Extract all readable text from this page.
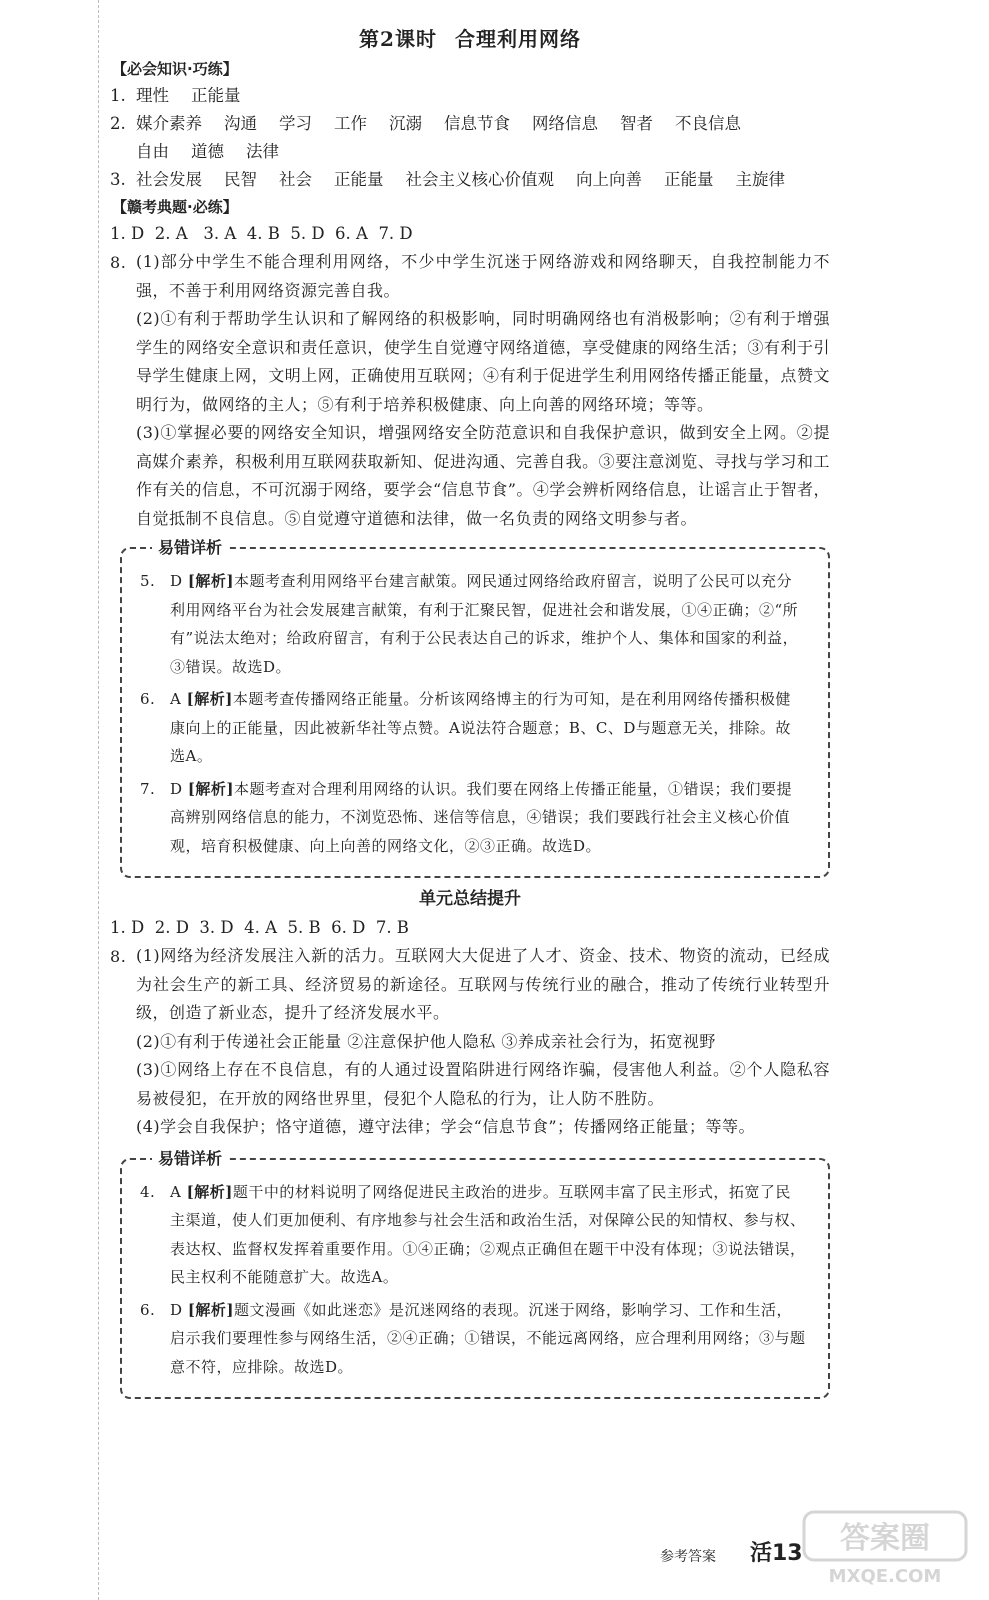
第2课时 合理利用网络
【必会知识·巧练】
1. 理性 正能量
2. 媒介素养 沟通 学习 工作 沉溺 信息节食 网络信息 智者 不良信息
自由 道德 法律
3. 社会发展 民智 社会 正能量 社会主义核心价值观 向上向善 正能量 主旋律
【赣考典题·必练】
1. D  2. A   3. A  4. B  5. D  6. A  7. D
8. (1)部分中学生不能合理利用网络，不少中学生沉迷于网络游戏和网络聊天，自我控制能力不强，不善于利用网络资源完善自我。

(2)①有利于帮助学生认识和了解网络的积极影响，同时明确网络也有消极影响；②有利于增强学生的网络安全意识和责任意识，使学生自觉遵守网络道德，享受健康的网络生活；③有利于引导学生健康上网，文明上网，正确使用互联网；④有利于促进学生利用网络传播正能量，点赞文明行为，做网络的主人；⑤有利于培养积极健康、向上向善的网络环境；等等。

(3)①掌握必要的网络安全知识，增强网络安全防范意识和自我保护意识，做到安全上网。②提高媒介素养，积极利用互联网获取新知、促进沟通、完善自我。③要注意浏览、寻找与学习和工作有关的信息，不可沉溺于网络，要学会“信息节食”。④学会辨析网络信息，让谣言止于智者，自觉抵制不良信息。⑤自觉遵守道德和法律，做一名负责的网络文明参与者。

易错详析
5. D [解析]本题考查利用网络平台建言献策。网民通过网络给政府留言，说明了公民可以充分利用网络平台为社会发展建言献策，有利于汇聚民智，促进社会和谐发展，①④正确；②“所有”说法太绝对；给政府留言，有利于公民表达自己的诉求，维护个人、集体和国家的利益，③错误。故选D。
6. A [解析]本题考查传播网络正能量。分析该网络博主的行为可知，是在利用网络传播积极健康向上的正能量，因此被新华社等点赞。A说法符合题意；B、C、D与题意无关，排除。故选A。
7. D [解析]本题考查对合理利用网络的认识。我们要在网络上传播正能量，①错误；我们要提高辨别网络信息的能力，不浏览恐怖、迷信等信息，④错误；我们要践行社会主义核心价值观，培育积极健康、向上向善的网络文化，②③正确。故选D。
单元总结提升
1. D  2. D  3. D  4. A  5. B  6. D  7. B
8. (1)网络为经济发展注入新的活力。互联网大大促进了人才、资金、技术、物资的流动，已经成为社会生产的新工具、经济贸易的新途径。互联网与传统行业的融合，推动了传统行业转型升级，创造了新业态，提升了经济发展水平。

(2)①有利于传递社会正能量 ②注意保护他人隐私 ③养成亲社会行为，拓宽视野

(3)①网络上存在不良信息，有的人通过设置陷阱进行网络诈骗，侵害他人利益。②个人隐私容易被侵犯，在开放的网络世界里，侵犯个人隐私的行为，让人防不胜防。

(4)学会自我保护；恪守道德，遵守法律；学会“信息节食”；传播网络正能量；等等。

易错详析
4. A [解析]题干中的材料说明了网络促进民主政治的进步。互联网丰富了民主形式，拓宽了民主渠道，使人们更加便利、有序地参与社会生活和政治生活，对保障公民的知情权、参与权、表达权、监督权发挥着重要作用。①④正确；②观点正确但在题干中没有体现；③说法错误，民主权利不能随意扩大。故选A。
6. D [解析]题文漫画《如此迷恋》是沉迷网络的表现。沉迷于网络，影响学习、工作和生活，启示我们要理性参与网络生活，②④正确；①错误，不能远离网络，应合理利用网络；③与题意不符，应排除。故选D。
参考答案 活13 答案圈
MXQE.COM
